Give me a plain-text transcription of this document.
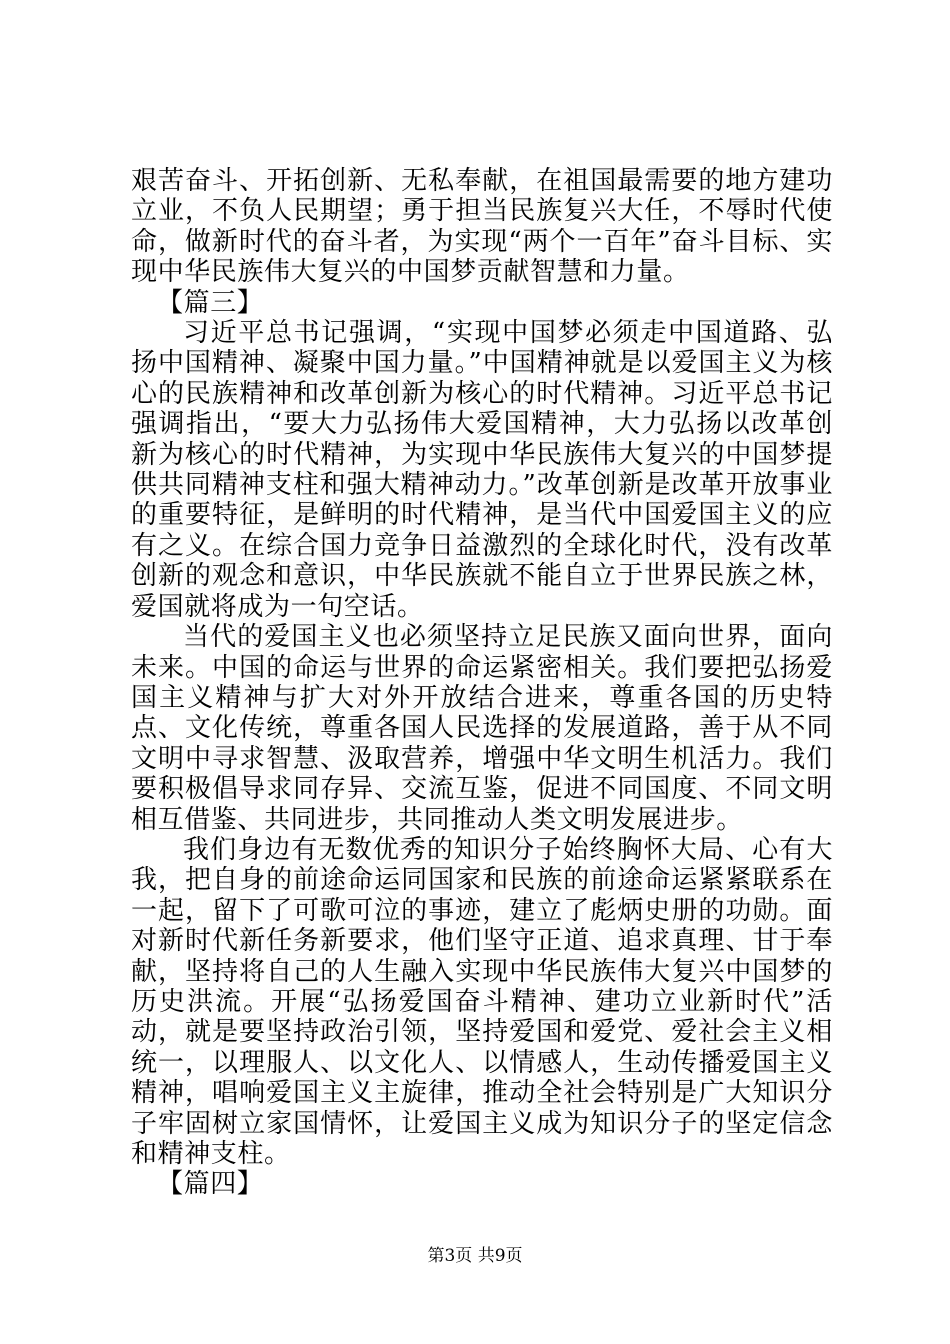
艰苦奋斗、开拓创新、无私奉献，在祖国最需要的地方建功立业，不负人民期望；勇于担当民族复兴大任，不辱时代使命，做新时代的奋斗者，为实现“两个一百年”奋斗目标、实现中华民族伟大复兴的中国梦贡献智慧和力量。

【篇三】

习近平总书记强调，“实现中国梦必须走中国道路、弘扬中国精神、凝聚中国力量。”中国精神就是以爱国主义为核心的民族精神和改革创新为核心的时代精神。习近平总书记强调指出，“要大力弘扬伟大爱国精神，大力弘扬以改革创新为核心的时代精神，为实现中华民族伟大复兴的中国梦提供共同精神支柱和强大精神动力。”改革创新是改革开放事业的重要特征，是鲜明的时代精神，是当代中国爱国主义的应有之义。在综合国力竞争日益激烈的全球化时代，没有改革创新的观念和意识，中华民族就不能自立于世界民族之林，爱国就将成为一句空话。

当代的爱国主义也必须坚持立足民族又面向世界，面向未来。中国的命运与世界的命运紧密相关。我们要把弘扬爱国主义精神与扩大对外开放结合进来，尊重各国的历史特点、文化传统，尊重各国人民选择的发展道路，善于从不同文明中寻求智慧、汲取营养，增强中华文明生机活力。我们要积极倡导求同存异、交流互鉴，促进不同国度、不同文明相互借鉴、共同进步，共同推动人类文明发展进步。

我们身边有无数优秀的知识分子始终胸怀大局、心有大我，把自身的前途命运同国家和民族的前途命运紧紧联系在一起，留下了可歌可泣的事迹，建立了彪炳史册的功勋。面对新时代新任务新要求，他们坚守正道、追求真理、甘于奉献，坚持将自己的人生融入实现中华民族伟大复兴中国梦的历史洪流。开展“弘扬爱国奋斗精神、建功立业新时代”活动，就是要坚持政治引领，坚持爱国和爱党、爱社会主义相统一，以理服人、以文化人、以情感人，生动传播爱国主义精神，唱响爱国主义主旋律，推动全社会特别是广大知识分子牢固树立家国情怀，让爱国主义成为知识分子的坚定信念和精神支柱。

【篇四】

第3页 共9页
